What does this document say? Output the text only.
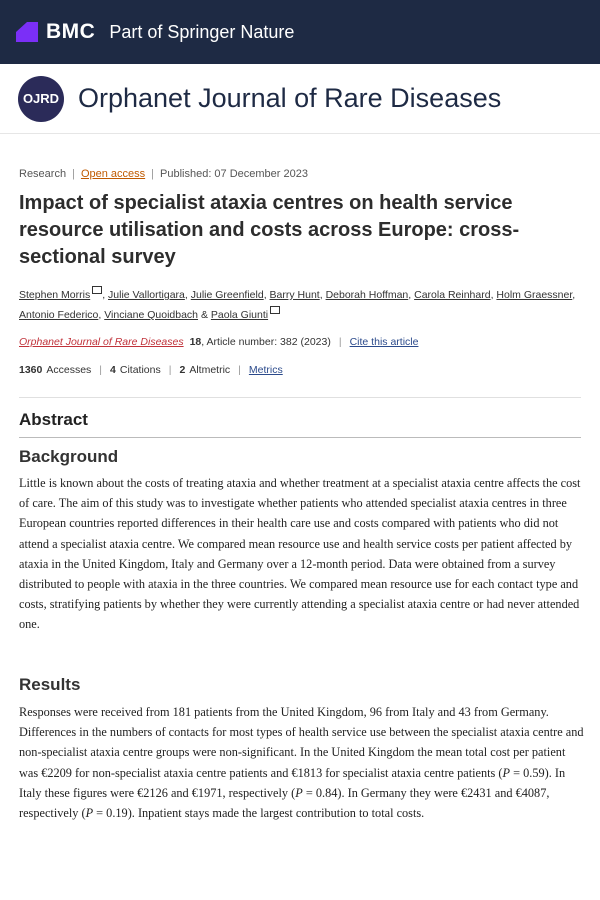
BMC Part of Springer Nature
OJRD Orphanet Journal of Rare Diseases
Research | Open access | Published: 07 December 2023
Impact of specialist ataxia centres on health service resource utilisation and costs across Europe: cross-sectional survey
Stephen Morris , Julie Vallortigara, Julie Greenfield, Barry Hunt, Deborah Hoffman, Carola Reinhard, Holm Graessner, Antonio Federico, Vinciane Quoidbach & Paola Giunti
Orphanet Journal of Rare Diseases 18 , Article number: 382 (2023) | Cite this article
1360 Accesses | 4 Citations | 2 Altmetric | Metrics
Abstract
Background

Little is known about the costs of treating ataxia and whether treatment at a specialist ataxia centre affects the cost of care. The aim of this study was to investigate whether patients who attended specialist ataxia centres in three European countries reported differences in their health care use and costs compared with patients who did not attend a specialist ataxia centre. We compared mean resource use and health service costs per patient affected by ataxia in the United Kingdom, Italy and Germany over a 12-month period. Data were obtained from a survey distributed to people with ataxia in the three countries. We compared mean resource use for each contact type and costs, stratifying patients by whether they were currently attending a specialist ataxia centre or had never attended one.

Results

Responses were received from 181 patients from the United Kingdom, 96 from Italy and 43 from Germany. Differences in the numbers of contacts for most types of health service use between the specialist ataxia centre and non-specialist ataxia centre groups were non-significant. In the United Kingdom the mean total cost per patient was €2209 for non-specialist ataxia centre patients and €1813 for specialist ataxia centre patients (P = 0.59). In Italy these figures were €2126 and €1971, respectively (P = 0.84). In Germany they were €2431 and €4087, respectively (P = 0.19). Inpatient stays made the largest contribution to total costs.
